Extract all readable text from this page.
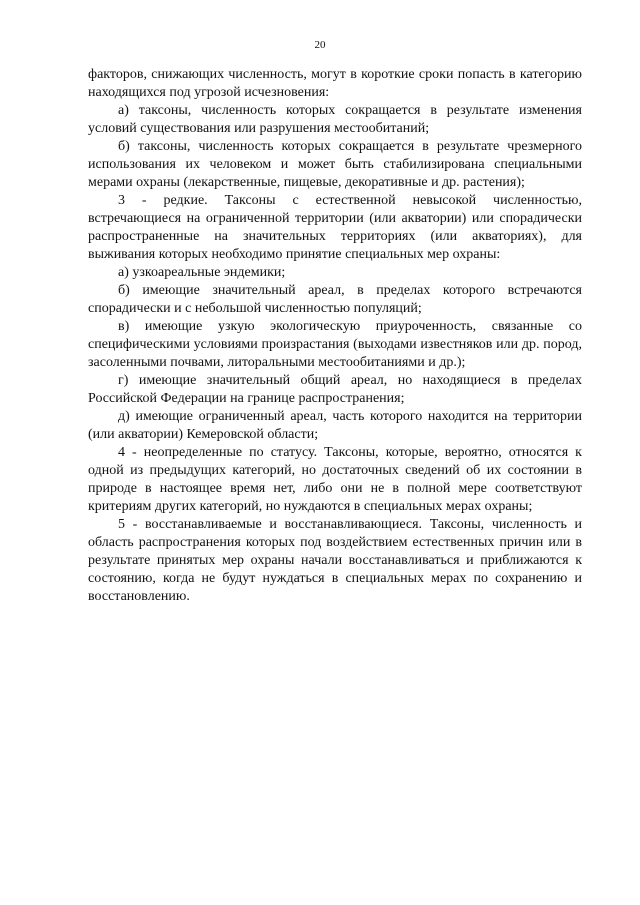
20

факторов, снижающих численность, могут в короткие сроки попасть в категорию находящихся под угрозой исчезновения:

а) таксоны, численность которых сокращается в результате изменения условий существования или разрушения местообитаний;

б) таксоны, численность которых сокращается в результате чрезмерного использования их человеком и может быть стабилизирована специальными мерами охраны (лекарственные, пищевые, декоративные и др. растения);

3 - редкие. Таксоны с естественной невысокой численностью, встречающиеся на ограниченной территории (или акватории) или спорадически распространенные на значительных территориях (или акваториях), для выживания которых необходимо принятие специальных мер охраны:

а) узкоареальные эндемики;

б) имеющие значительный ареал, в пределах которого встречаются спорадически и с небольшой численностью популяций;

в) имеющие узкую экологическую приуроченность, связанные со специфическими условиями произрастания (выходами известняков или др. пород, засоленными почвами, литоральными местообитаниями и др.);

г) имеющие значительный общий ареал, но находящиеся в пределах Российской Федерации на границе распространения;

д) имеющие ограниченный ареал, часть которого находится на территории (или акватории) Кемеровской области;

4 - неопределенные по статусу. Таксоны, которые, вероятно, относятся к одной из предыдущих категорий, но достаточных сведений об их состоянии в природе в настоящее время нет, либо они не в полной мере соответствуют критериям других категорий, но нуждаются в специальных мерах охраны;

5 - восстанавливаемые и восстанавливающиеся. Таксоны, численность и область распространения которых под воздействием естественных причин или в результате принятых мер охраны начали восстанавливаться и приближаются к состоянию, когда не будут нуждаться в специальных мерах по сохранению и восстановлению.
